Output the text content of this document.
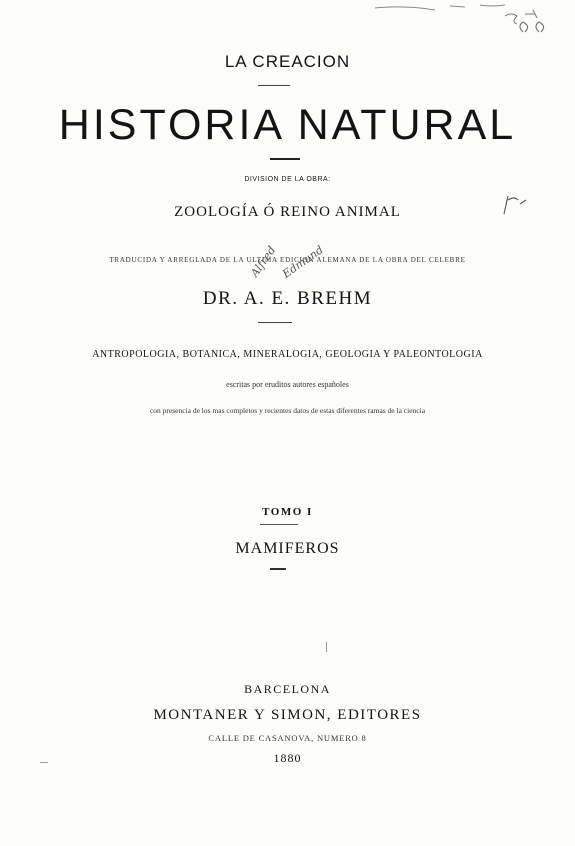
LA CREACION
HISTORIA NATURAL
DIVISION DE LA OBRA:
ZOOLOGÍA Ó REINO ANIMAL
TRADUCIDA Y ARREGLADA DE LA ULTIMA EDICION ALEMANA DE LA OBRA DEL CELEBRE
Alfred Edmund
DR. A. E. BREHM
ANTROPOLOGIA, BOTANICA, MINERALOGIA, GEOLOGIA Y PALEONTOLOGIA
escritas por eruditos autores españoles
con presencia de los mas completos y recientes datos de estas diferentes ramas de la ciencia
TOMO I
MAMIFEROS
BARCELONA
MONTANER Y SIMON, EDITORES
CALLE DE CASANOVA, NUMERO 8
1880
